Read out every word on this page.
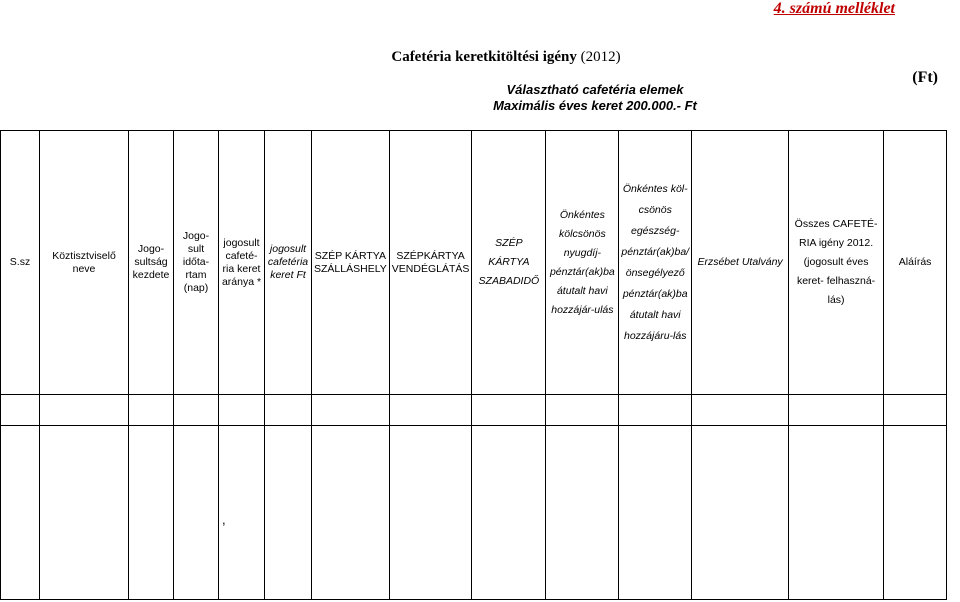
4. számú melléklet
Cafetéria keretkitöltési igény (2012)
Választható cafetéria elemek
Maximális éves keret 200.000.- Ft
(Ft)
S.sz	Köztisztviselő neve	Jogo-sultság kezdete	Jogo-sult időta-rtam (nap)	jogosult cafeté-ria keret aránya *	jogosult cafetéria keret Ft	SZÉP KÁRTYA SZÁLLÁSHELY	SZÉPKÁRTYA VENDÉGLÁTÁS	SZÉP KÁRTYA SZABADIDŐ	Önkéntes kölcsönös nyugdíj-pénztár(ak)ba átutalt havi hozzájár-ulás	Önkéntes köl-csönös egészség-pénztár(ak)ba/önsegélyező pénztár(ak)ba átutalt havi hozzájáru-lás	Erzsébet Utalvány	Összes CAFETÉ-RIA igény 2012. (jogosult éves keret- felhaszná-lás)	Aláírás

,
